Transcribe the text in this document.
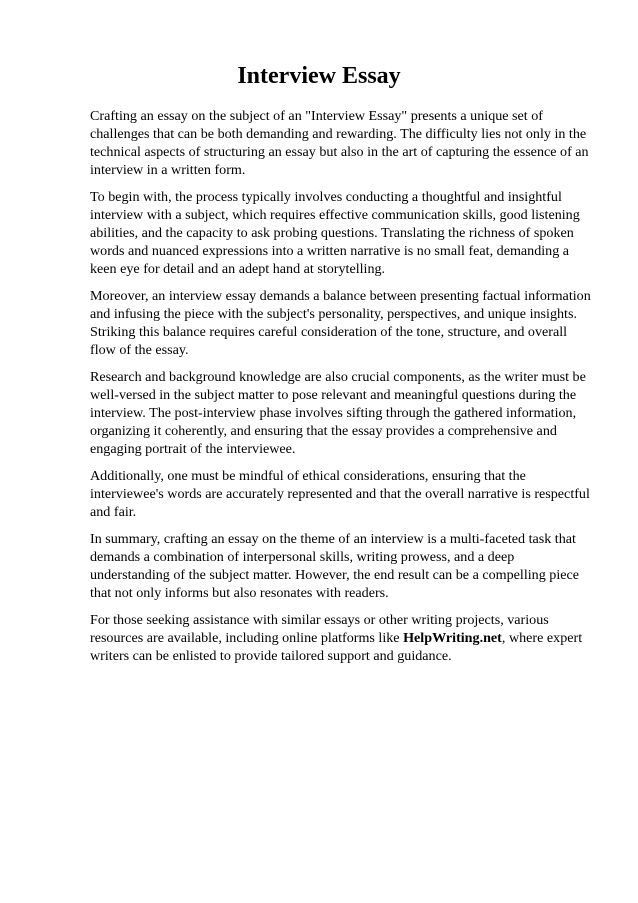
Interview Essay

Crafting an essay on the subject of an "Interview Essay" presents a unique set of challenges that can be both demanding and rewarding. The difficulty lies not only in the technical aspects of structuring an essay but also in the art of capturing the essence of an interview in a written form.

To begin with, the process typically involves conducting a thoughtful and insightful interview with a subject, which requires effective communication skills, good listening abilities, and the capacity to ask probing questions. Translating the richness of spoken words and nuanced expressions into a written narrative is no small feat, demanding a keen eye for detail and an adept hand at storytelling.

Moreover, an interview essay demands a balance between presenting factual information and infusing the piece with the subject's personality, perspectives, and unique insights. Striking this balance requires careful consideration of the tone, structure, and overall flow of the essay.

Research and background knowledge are also crucial components, as the writer must be well-versed in the subject matter to pose relevant and meaningful questions during the interview. The post-interview phase involves sifting through the gathered information, organizing it coherently, and ensuring that the essay provides a comprehensive and engaging portrait of the interviewee.

Additionally, one must be mindful of ethical considerations, ensuring that the interviewee's words are accurately represented and that the overall narrative is respectful and fair.

In summary, crafting an essay on the theme of an interview is a multi-faceted task that demands a combination of interpersonal skills, writing prowess, and a deep understanding of the subject matter. However, the end result can be a compelling piece that not only informs but also resonates with readers.

For those seeking assistance with similar essays or other writing projects, various resources are available, including online platforms like HelpWriting.net, where expert writers can be enlisted to provide tailored support and guidance.
